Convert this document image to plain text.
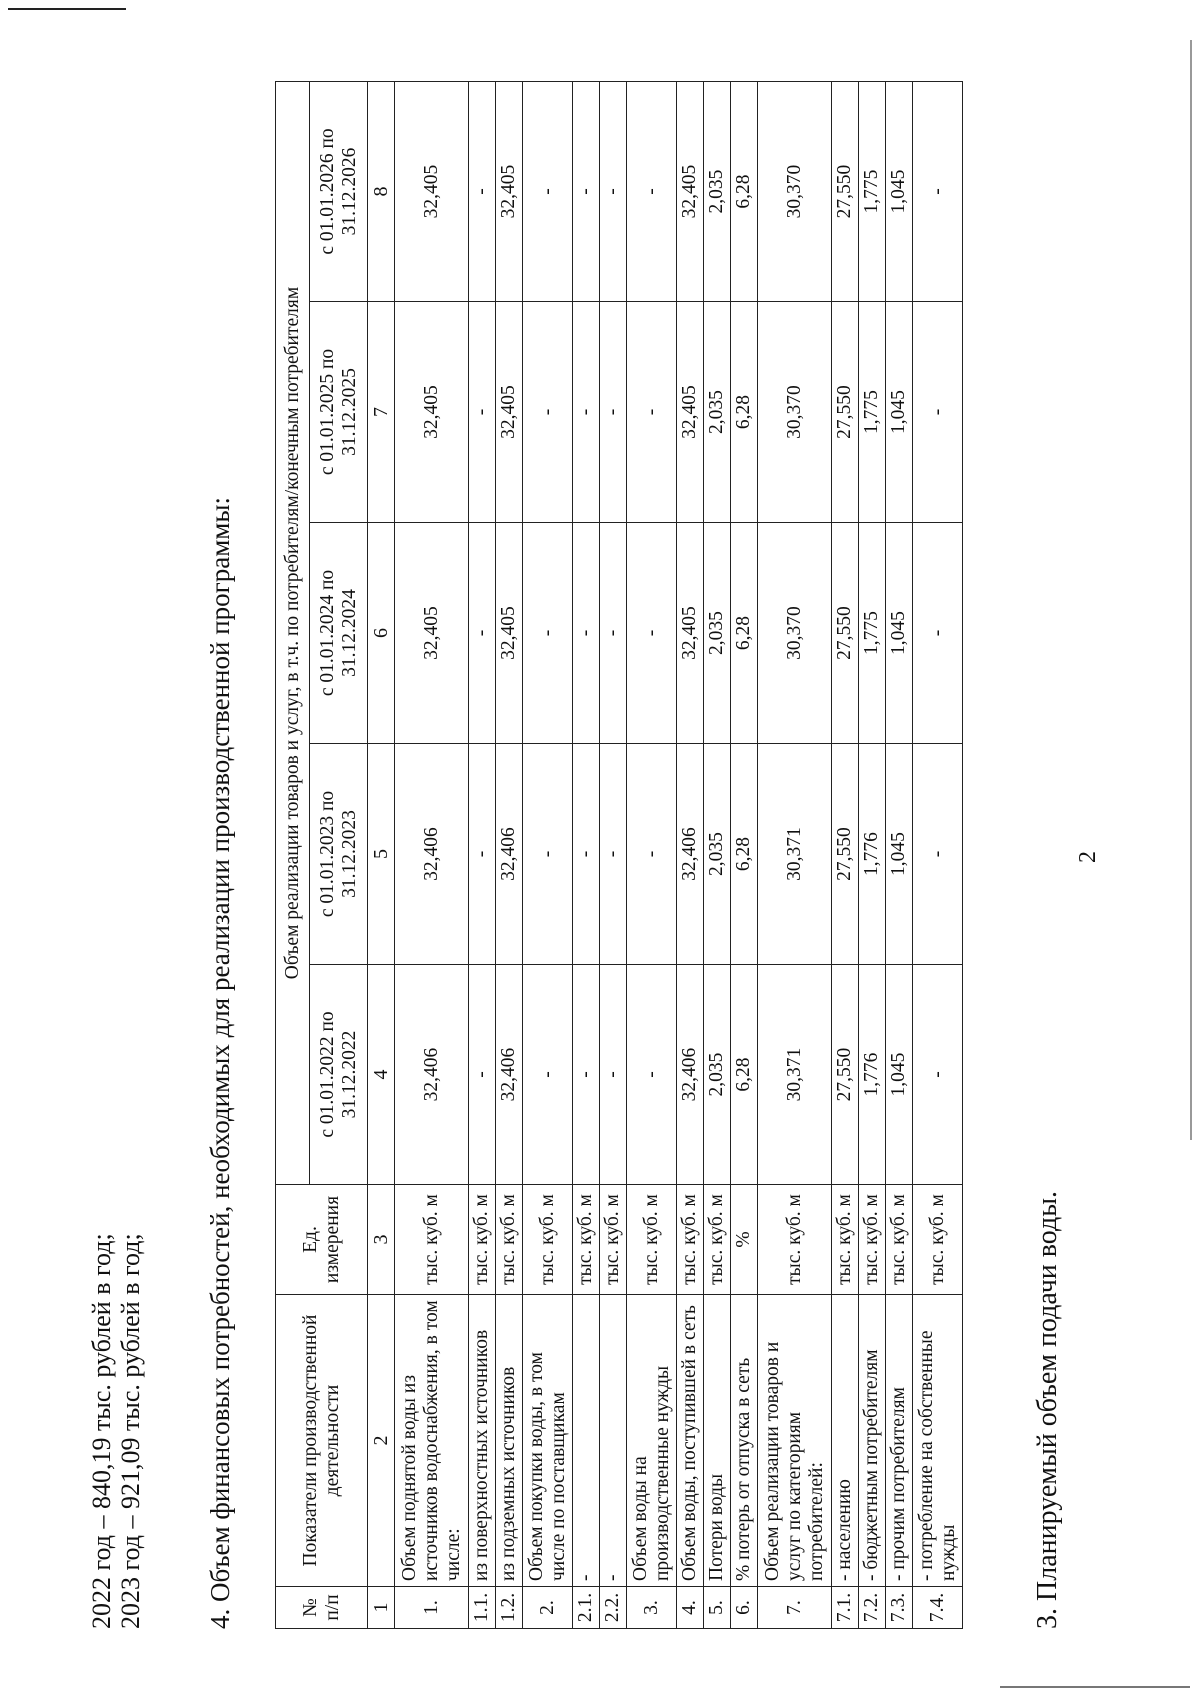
2
3. Планируемый объем подачи воды.
№ п/п	Показатели производственной деятельности	Ед. измерения	Объем реализации товаров и услуг, в т.ч. по потребителям/конечным потребителям				
			с 01.01.2022 по 31.12.2022	с 01.01.2023 по 31.12.2023	с 01.01.2024 по 31.12.2024	с 01.01.2025 по 31.12.2025	с 01.01.2026 по 31.12.2026
1	2	3	4	5	6	7	8
1.	Объем поднятой воды из источников водоснабжения, в том числе:	тыс. куб. м	32,406	32,406	32,405	32,405	32,405
1.1.	из поверхностных источников	тыс. куб. м	-	-	-	-	-
1.2.	из подземных источников	тыс. куб. м	32,406	32,406	32,405	32,405	32,405
2.	Объем покупки воды, в том числе по поставщикам	тыс. куб. м	-	-	-	-	-
2.1.	-	тыс. куб. м	-	-	-	-	-
2.2.	-	тыс. куб. м	-	-	-	-	-
3.	Объем воды на производственные нужды	тыс. куб. м	-	-	-	-	-
4.	Объем воды, поступившей в сеть	тыс. куб. м	32,406	32,406	32,405	32,405	32,405
5.	Потери воды	тыс. куб. м	2,035	2,035	2,035	2,035	2,035
6.	% потерь от отпуска в сеть	%	6,28	6,28	6,28	6,28	6,28
7.	Объем реализации товаров и услуг по категориям потребителей:	тыс. куб. м	30,371	30,371	30,370	30,370	30,370
7.1.	- населению	тыс. куб. м	27,550	27,550	27,550	27,550	27,550
7.2.	- бюджетным потребителям	тыс. куб. м	1,776	1,776	1,775	1,775	1,775
7.3.	- прочим потребителям	тыс. куб. м	1,045	1,045	1,045	1,045	1,045
7.4.	- потребление на собственные нужды	тыс. куб. м	-	-	-	-	-
4. Объем финансовых потребностей, необходимых для реализации производственной программы:
2022 год – 840,19 тыс. рублей в год; 2023 год – 921,09 тыс. рублей в год;
